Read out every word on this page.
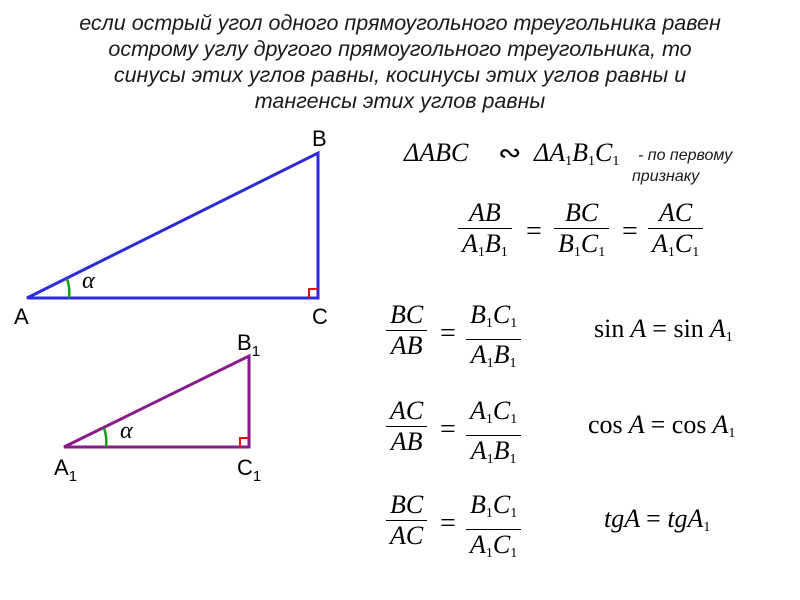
если острый угол одного прямоугольного треугольника равен
острому углу другого прямоугольного треугольника, то
синусы этих углов равны, косинусы этих углов равны и
тангенсы этих углов равны
A
B
C
α
$A_1$
$B_1$
$C_1$
α
ΔABC ∾ $\Delta A_1B_1C_1$ - по первому
признаку
$\frac{AB}{A_1B_1} = \frac{BC}{B_1C_1} = \frac{AC}{A_1C_1}$
$\frac{BC}{AB} = \frac{B_1C_1}{A_1B_1}$	$\sin A = \sin A_1$
$\frac{AC}{AB} = \frac{A_1C_1}{A_1B_1}$	$\cos A = \cos A_1$
$\frac{BC}{AC} = \frac{B_1C_1}{A_1C_1}$	tgA = tgA$_1$
